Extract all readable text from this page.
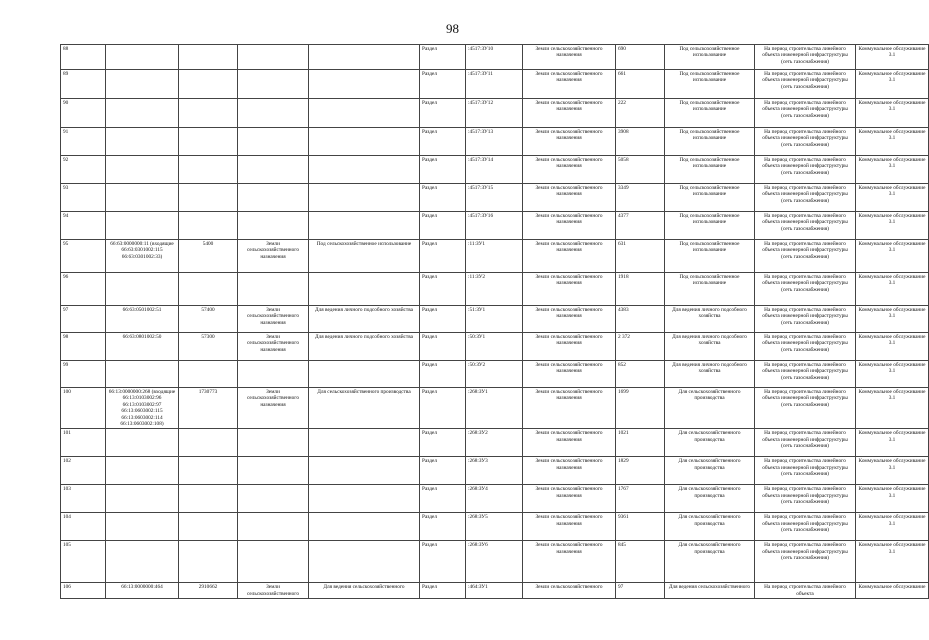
98
88					Раздел	:4517:ЗУ10	Земли сельскохозяйственного назначения	690	Под сельскохозяйственное использование	На период строительства линейного объекта инженерной инфраструктуры (сеть газоснабжения)	Коммунальное обслуживание 3.1
89					Раздел	:4517:ЗУ11	Земли сельскохозяйственного назначения	661	Под сельскохозяйственное использование	На период строительства линейного объекта инженерной инфраструктуры (сеть газоснабжения)	Коммунальное обслуживание 3.1
90					Раздел	:4517:ЗУ12	Земли сельскохозяйственного назначения	222	Под сельскохозяйственное использование	На период строительства линейного объекта инженерной инфраструктуры (сеть газоснабжения)	Коммунальное обслуживание 3.1
91					Раздел	:4517:ЗУ13	Земли сельскохозяйственного назначения	3908	Под сельскохозяйственное использование	На период строительства линейного объекта инженерной инфраструктуры (сеть газоснабжения)	Коммунальное обслуживание 3.1
92					Раздел	:4517:ЗУ14	Земли сельскохозяйственного назначения	5058	Под сельскохозяйственное использование	На период строительства линейного объекта инженерной инфраструктуры (сеть газоснабжения)	Коммунальное обслуживание 3.1
93					Раздел	:4517:ЗУ15	Земли сельскохозяйственного назначения	3349	Под сельскохозяйственное использование	На период строительства линейного объекта инженерной инфраструктуры (сеть газоснабжения)	Коммунальное обслуживание 3.1
94					Раздел	:4517:ЗУ16	Земли сельскохозяйственного назначения	4377	Под сельскохозяйственное использование	На период строительства линейного объекта инженерной инфраструктуры (сеть газоснабжения)	Коммунальное обслуживание 3.1
95	66:63:0000000:11 (входящие 66:63:0301002:115 66:63:0301002:33)	5400	Земли сельскохозяйственного назначения	Под сельскохозяйственное использование	Раздел	:11:ЗУ1	Земли сельскохозяйственного назначения	631	Под сельскохозяйственное использование	На период строительства линейного объекта инженерной инфраструктуры (сеть газоснабжения)	Коммунальное обслуживание 3.1
96					Раздел	:11:ЗУ2	Земли сельскохозяйственного назначения	1918	Под сельскохозяйственное использование	На период строительства линейного объекта инженерной инфраструктуры (сеть газоснабжения)	Коммунальное обслуживание 3.1
97	66:63:0501002:51	57400	Земли сельскохозяйственного назначения	Для ведения личного подсобного хозяйства	Раздел	:51:ЗУ1	Земли сельскохозяйственного назначения	4383	Для ведения личного подсобного хозяйства	На период строительства линейного объекта инженерной инфраструктуры (сеть газоснабжения)	Коммунальное обслуживание 3.1
98	66:63:0801002:50	57300	Земли сельскохозяйственного назначения	Для ведения личного подсобного хозяйства	Раздел	:50:ЗУ1	Земли сельскохозяйственного назначения	2 372	Для ведения личного подсобного хозяйства	На период строительства линейного объекта инженерной инфраструктуры (сеть газоснабжения)	Коммунальное обслуживание 3.1
99					Раздел	:50:ЗУ2	Земли сельскохозяйственного назначения	852	Для ведения личного подсобного хозяйства	На период строительства линейного объекта инженерной инфраструктуры (сеть газоснабжения)	Коммунальное обслуживание 3.1
100	66:13:0000000:268 (входящие 66:13:0103002:96 66:13:0103002:97 66:13:0603002:115 66:13:0603002:114 66:13:0603002:108)	1730773	Земли сельскохозяйственного назначения	Для сельскохозяйственного производства	Раздел	:268:ЗУ1	Земли сельскохозяйственного назначения	1699	Для сельскохозяйственного производства	На период строительства линейного объекта инженерной инфраструктуры (сеть газоснабжения)	Коммунальное обслуживание 3.1
101					Раздел	:268:ЗУ2	Земли сельскохозяйственного назначения	1021	Для сельскохозяйственного производства	На период строительства линейного объекта инженерной инфраструктуры (сеть газоснабжения)	Коммунальное обслуживание 3.1
102					Раздел	:268:ЗУ3	Земли сельскохозяйственного назначения	1829	Для сельскохозяйственного производства	На период строительства линейного объекта инженерной инфраструктуры (сеть газоснабжения)	Коммунальное обслуживание 3.1
103					Раздел	:268:ЗУ4	Земли сельскохозяйственного назначения	1767	Для сельскохозяйственного производства	На период строительства линейного объекта инженерной инфраструктуры (сеть газоснабжения)	Коммунальное обслуживание 3.1
104					Раздел	:268:ЗУ5	Земли сельскохозяйственного назначения	9361	Для сельскохозяйственного производства	На период строительства линейного объекта инженерной инфраструктуры (сеть газоснабжения)	Коммунальное обслуживание 3.1
105					Раздел	:268:ЗУ6	Земли сельскохозяйственного назначения	845	Для сельскохозяйственного производства	На период строительства линейного объекта инженерной инфраструктуры (сеть газоснабжения)	Коммунальное обслуживание 3.1
106	66:13:0000000:464	2910662	Земли сельскохозяйственного	Для ведения сельскохозяйственного	Раздел	:464:ЗУ1	Земли сельскохозяйственного	97	Для ведения сельскохозяйственного	На период строительства линейного объекта	Коммунальное обслуживание
